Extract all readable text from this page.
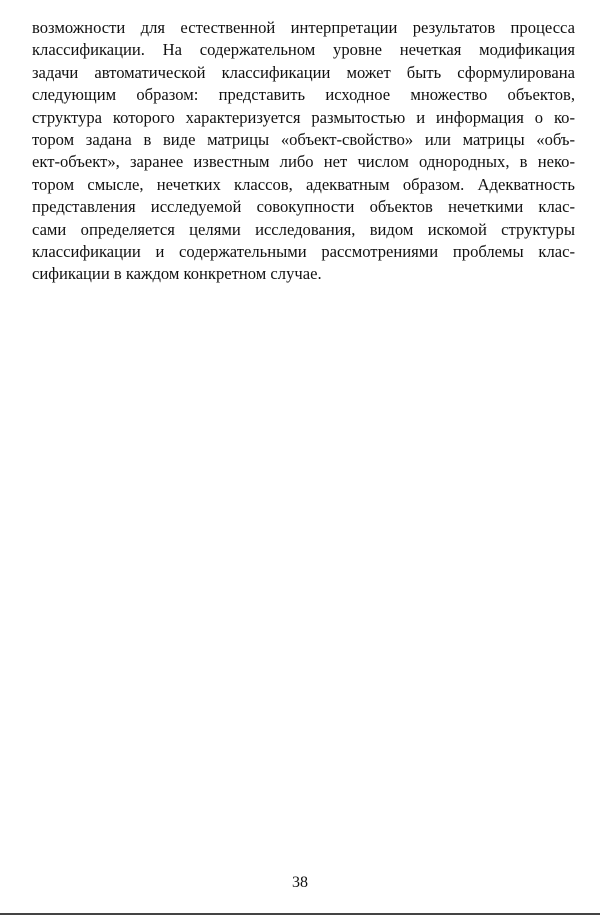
возможности для естественной интерпретации результатов процесса
классификации. На содержательном уровне нечеткая модификация
задачи автоматической классификации может быть сформулирована
следующим образом: представить исходное множество объектов,
структура которого характеризуется размытостью и информация о ко-
тором задана в виде матрицы «объект-свойство» или матрицы «объ-
ект-объект», заранее известным либо нет числом однородных, в неко-
тором смысле, нечетких классов, адекватным образом. Адекватность
представления исследуемой совокупности объектов нечеткими клас-
сами определяется целями исследования, видом искомой структуры
классификации и содержательными рассмотрениями проблемы клас-
сификации в каждом конкретном случае.
38
